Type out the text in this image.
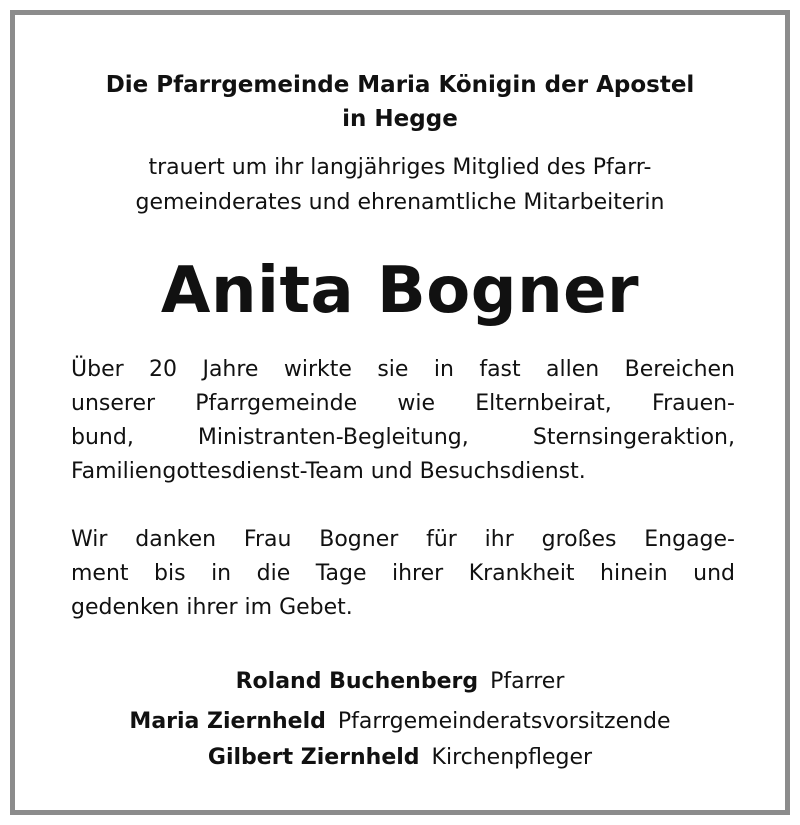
Die Pfarrgemeinde Maria Königin der Apostel
in Hegge
trauert um ihr langjähriges Mitglied des Pfarr-
gemeinderates und ehrenamtliche Mitarbeiterin
Anita Bogner
Über 20 Jahre wirkte sie in fast allen Bereichen
unserer Pfarrgemeinde wie Elternbeirat, Frauen-
bund, Ministranten-Begleitung, Sternsingeraktion,
Familiengottesdienst-Team und Besuchsdienst.
Wir danken Frau Bogner für ihr großes Engage-
ment bis in die Tage ihrer Krankheit hinein und
gedenken ihrer im Gebet.
Roland Buchenberg Pfarrer
Maria Ziernheld Pfarrgemeinderatsvorsitzende
Gilbert Ziernheld Kirchenpfleger
